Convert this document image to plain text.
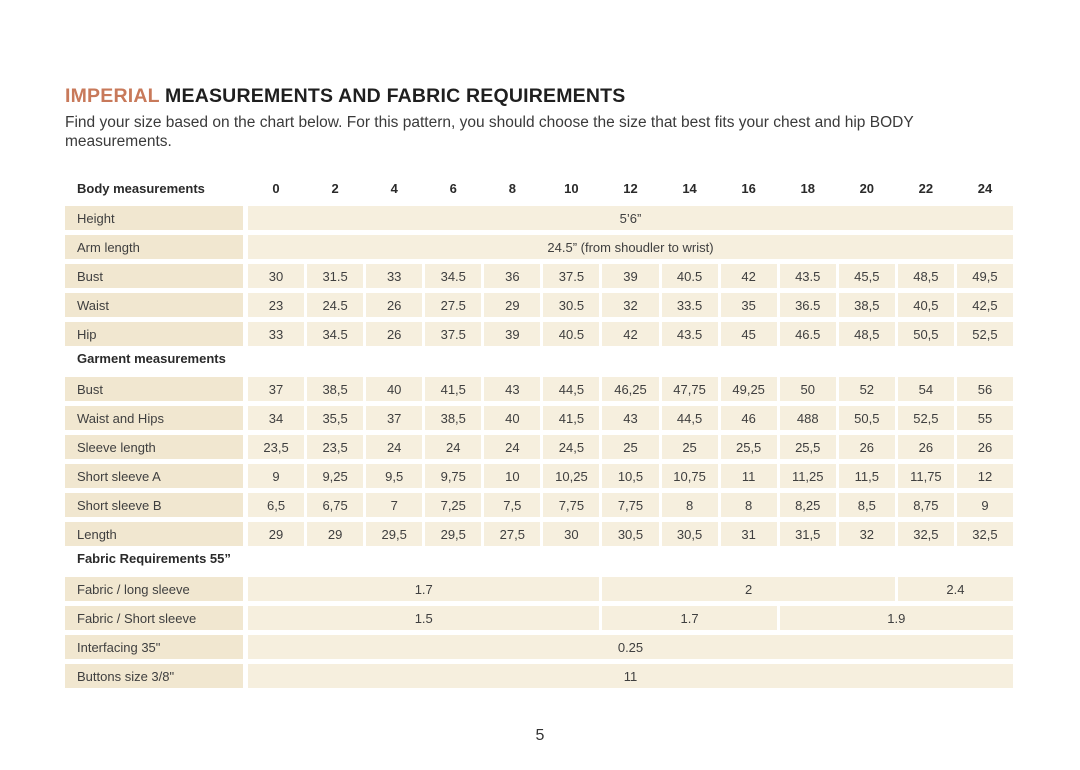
IMPERIAL MEASUREMENTS AND FABRIC REQUIREMENTS

Find your size based on the chart below. For this pattern, you should choose the size that best fits your chest and hip BODY measurements.

Body measurements	0	2	4	6	8	10	12	14	16	18	20	22	24
Height	5’6”
Arm length	24.5” (from shoudler to wrist)
Bust	30	31.5	33	34.5	36	37.5	39	40.5	42	43.5	45,5	48,5	49,5
Waist	23	24.5	26	27.5	29	30.5	32	33.5	35	36.5	38,5	40,5	42,5
Hip	33	34.5	26	37.5	39	40.5	42	43.5	45	46.5	48,5	50,5	52,5
Garment measurements
Bust	37	38,5	40	41,5	43	44,5	46,25	47,75	49,25	50	52	54	56
Waist and Hips	34	35,5	37	38,5	40	41,5	43	44,5	46	488	50,5	52,5	55
Sleeve length	23,5	23,5	24	24	24	24,5	25	25	25,5	25,5	26	26	26
Short sleeve A	9	9,25	9,5	9,75	10	10,25	10,5	10,75	11	11,25	11,5	11,75	12
Short sleeve B	6,5	6,75	7	7,25	7,5	7,75	7,75	8	8	8,25	8,5	8,75	9
Length	29	29	29,5	29,5	27,5	30	30,5	30,5	31	31,5	32	32,5	32,5
Fabric Requirements 55”
Fabric / long sleeve	1.7	2	2.4
Fabric / Short sleeve	1.5	1.7	1.9
Interfacing 35"	0.25
Buttons size 3/8"	11
5
